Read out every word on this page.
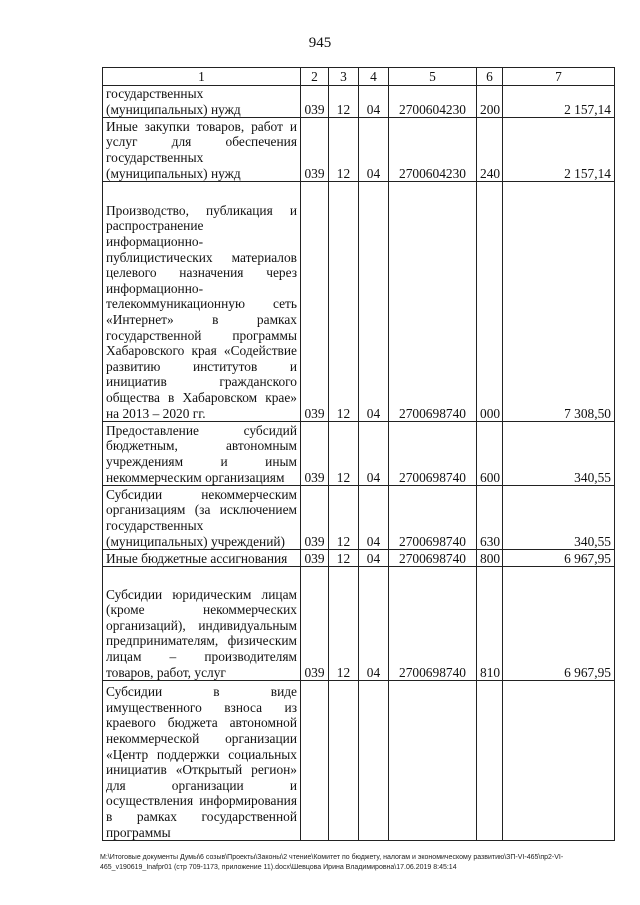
945
1	2	3	4	5	6	7
государственных (муниципальных) нужд	039	12	04	2700604230	200	2 157,14
Иные закупки товаров, работ и услуг для обеспечения государственных (муниципальных) нужд	039	12	04	2700604230	240	2 157,14
Производство, публикация и распространение информационно-публицистических материалов целевого назначения через информационно-телекоммуникационную сеть «Интернет» в рамках государственной программы Хабаровского края «Содействие развитию институтов и инициатив гражданского общества в Хабаровском крае» на 2013 – 2020 гг.	039	12	04	2700698740	000	7 308,50
Предоставление субсидий бюджетным, автономным учреждениям и иным некоммерческим организациям	039	12	04	2700698740	600	340,55
Субсидии некоммерческим организациям (за исключением государственных (муниципальных) учреждений)	039	12	04	2700698740	630	340,55
Иные бюджетные ассигнования	039	12	04	2700698740	800	6 967,95
Субсидии юридическим лицам (кроме некоммерческих организаций), индивидуальным предпринимателям, физическим лицам – производителям товаров, работ, услуг	039	12	04	2700698740	810	6 967,95
Субсидии в виде имущественного взноса из краевого бюджета автономной некоммерческой организации «Центр поддержки социальных инициатив «Открытый регион» для организации и осуществления информирования в рамках государственной программы						
M:\Итоговые документы Думы\6 созыв\Проекты\Законы\2 чтение\Комитет по бюджету, налогам и экономическому развитию\ЗП-VI-465\пр2-VI-465_v190619_Inafpr01 (стр 709-1173, приложение 11).docx\Шевцова Ирина Владимировна\17.06.2019 8:45:14
